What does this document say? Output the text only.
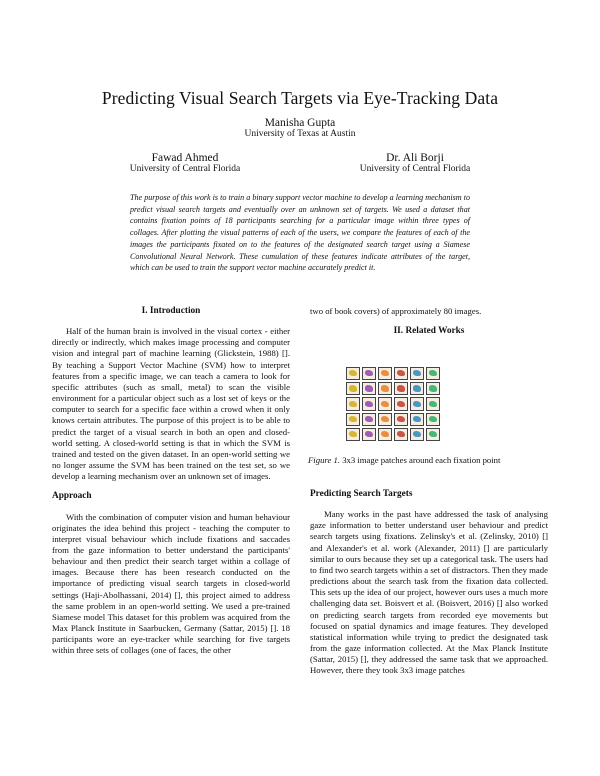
Predicting Visual Search Targets via Eye-Tracking Data
Manisha Gupta
University of Texas at Austin
Fawad Ahmed
University of Central Florida
Dr. Ali Borji
University of Central Florida
The purpose of this work is to train a binary support vector machine to develop a learning mechanism to predict visual search targets and eventually over an unknown set of targets. We used a dataset that contains fixation points of 18 participants searching for a particular image within three types of collages. After plotting the visual patterns of each of the users, we compare the features of each of the images the participants fixated on to the features of the designated search target using a Siamese Convolutional Neural Network. These cumulation of these features indicate attributes of the target, which can be used to train the support vector machine accurately predict it.
I. Introduction

Half of the human brain is involved in the visual cortex - either directly or indirectly, which makes image processing and computer vision and integral part of machine learning (Glickstein, 1988) []. By teaching a Support Vector Machine (SVM) how to interpret features from a specific image, we can teach a camera to look for specific attributes (such as small, metal) to scan the visible environment for a particular object such as a lost set of keys or the computer to search for a specific face within a crowd when it only knows certain attributes. The purpose of this project is to be able to predict the target of a visual search in both an open and closed-world setting. A closed-world setting is that in which the SVM is trained and tested on the given dataset. In an open-world setting we no longer assume the SVM has been trained on the test set, so we develop a learning mechanism over an unknown set of images.

Approach

With the combination of computer vision and human behaviour originates the idea behind this project - teaching the computer to interpret visual behaviour which include fixations and saccades from the gaze information to better understand the participants' behaviour and then predict their search target within a collage of images. Because there has been research conducted on the importance of predicting visual search targets in closed-world settings (Haji-Abolhassani, 2014) [], this project aimed to address the same problem in an open-world setting. We used a pre-trained Siamese model This dataset for this problem was acquired from the Max Planck Institute in Saarbucken, Germany (Sattar, 2015) []. 18 participants wore an eye-tracker while searching for five targets within three sets of collages (one of faces, the other

two of book covers) of approximately 80 images.
II. Related Works
Figure 1. 3x3 image patches around each fixation point
Predicting Search Targets

Many works in the past have addressed the task of analysing gaze information to better understand user behaviour and predict search targets using fixations. Zelinsky's et al. (Zelinsky, 2010) [] and Alexander's et al. work (Alexander, 2011) [] are particularly similar to ours because they set up a categorical task. The users had to find two search targets within a set of distractors. Then they made predictions about the search task from the fixation data collected. This sets up the idea of our project, however ours uses a much more challenging data set. Boisvert et al. (Boisvert, 2016) [] also worked on predicting search targets from recorded eye movements but focused on spatial dynamics and image features. They developed statistical information while trying to predict the designated task from the gaze information collected. At the Max Planck Institute (Sattar, 2015) [], they addressed the same task that we approached. However, there they took 3x3 image patches
